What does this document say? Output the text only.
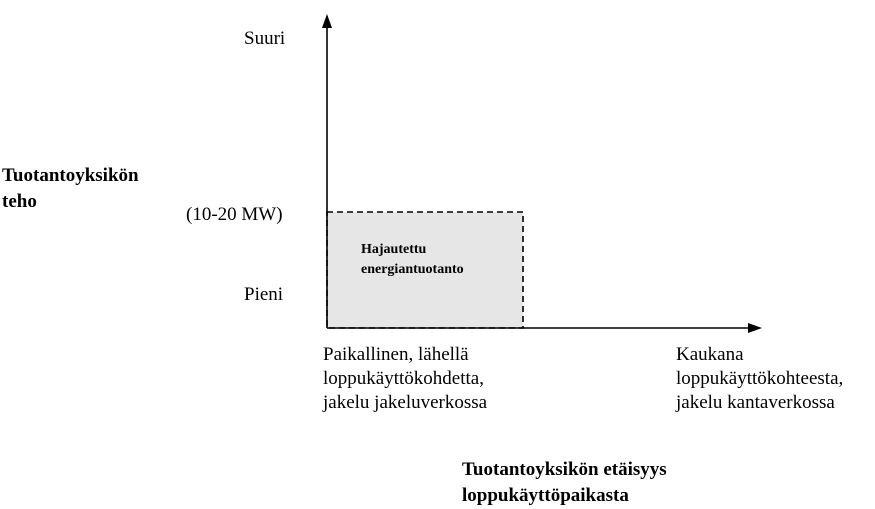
Tuotantoyksikön
teho
Suuri
(10-20 MW)
Pieni
Hajautettu
energiantuotanto
Paikallinen, lähellä
loppukäyttökohdetta,
jakelu jakeluverkossa
Kaukana
loppukäyttökohteesta,
jakelu kantaverkossa
Tuotantoyksikön etäisyys
loppukäyttöpaikasta
